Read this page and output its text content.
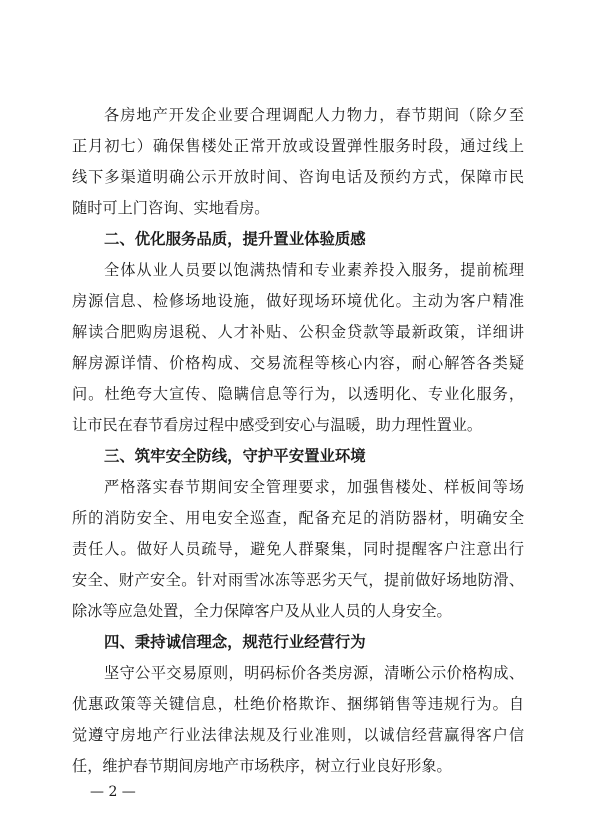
各房地产开发企业要合理调配人力物力，春节期间（除夕至
正月初七）确保售楼处正常开放或设置弹性服务时段，通过线上
线下多渠道明确公示开放时间、咨询电话及预约方式，保障市民
随时可上门咨询、实地看房。
二、优化服务品质，提升置业体验质感
全体从业人员要以饱满热情和专业素养投入服务，提前梳理
房源信息、检修场地设施，做好现场环境优化。主动为客户精准
解读合肥购房退税、人才补贴、公积金贷款等最新政策，详细讲
解房源详情、价格构成、交易流程等核心内容，耐心解答各类疑
问。杜绝夸大宣传、隐瞒信息等行为，以透明化、专业化服务，
让市民在春节看房过程中感受到安心与温暖，助力理性置业。
三、筑牢安全防线，守护平安置业环境
严格落实春节期间安全管理要求，加强售楼处、样板间等场
所的消防安全、用电安全巡查，配备充足的消防器材，明确安全
责任人。做好人员疏导，避免人群聚集，同时提醒客户注意出行
安全、财产安全。针对雨雪冰冻等恶劣天气，提前做好场地防滑、
除冰等应急处置，全力保障客户及从业人员的人身安全。
四、秉持诚信理念，规范行业经营行为
坚守公平交易原则，明码标价各类房源，清晰公示价格构成、
优惠政策等关键信息，杜绝价格欺诈、捆绑销售等违规行为。自
觉遵守房地产行业法律法规及行业准则，以诚信经营赢得客户信
任，维护春节期间房地产市场秩序，树立行业良好形象。
— 2 —
